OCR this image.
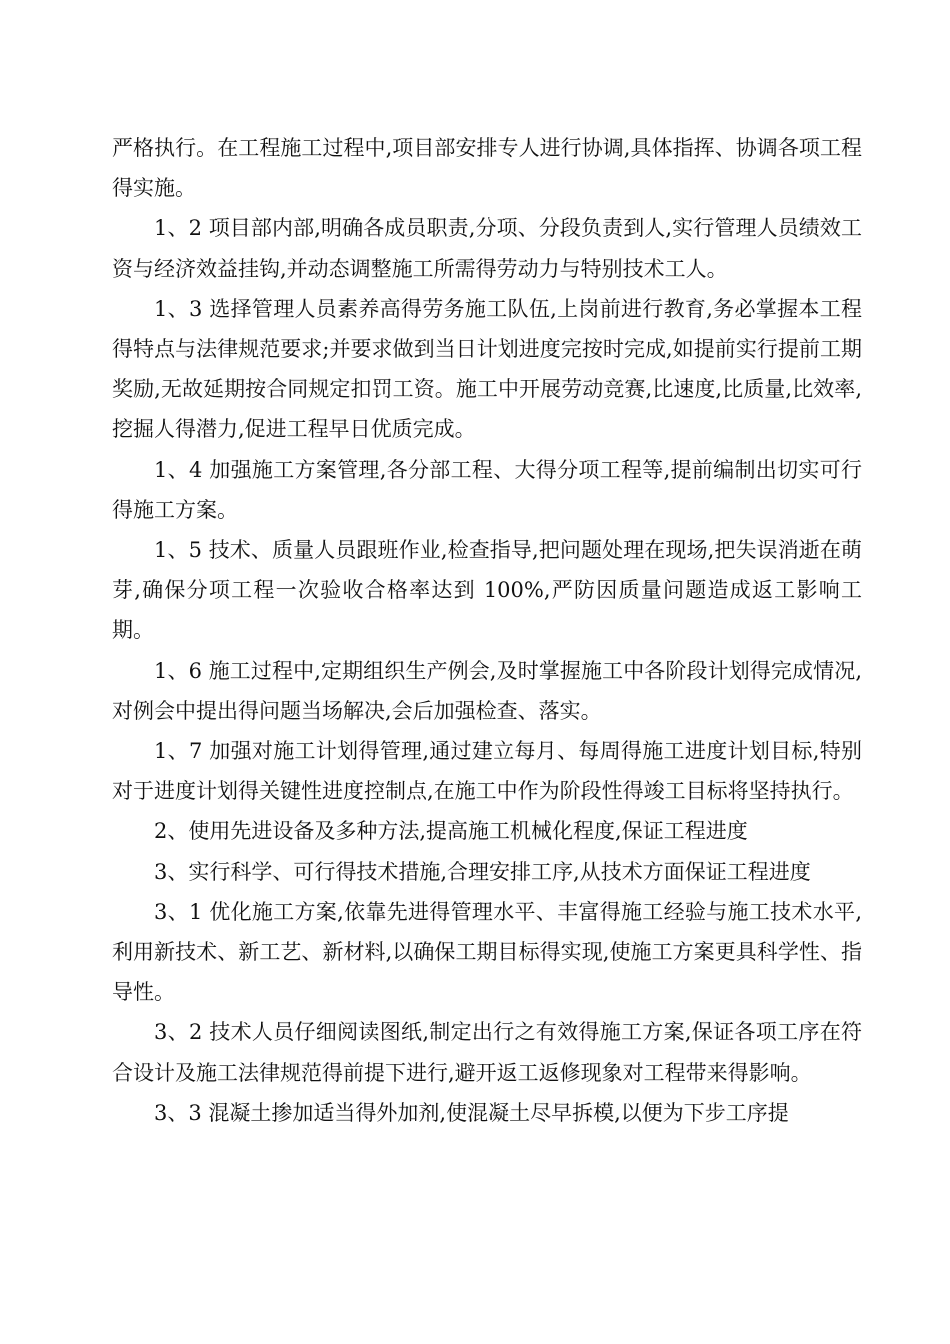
严格执行。在工程施工过程中,项目部安排专人进行协调,具体指挥、协调各项工程得实施。

1、2 项目部内部,明确各成员职责,分项、分段负责到人,实行管理人员绩效工资与经济效益挂钩,并动态调整施工所需得劳动力与特别技术工人。

1、3 选择管理人员素养高得劳务施工队伍,上岗前进行教育,务必掌握本工程得特点与法律规范要求;并要求做到当日计划进度完按时完成,如提前实行提前工期奖励,无故延期按合同规定扣罚工资。施工中开展劳动竞赛,比速度,比质量,比效率,挖掘人得潜力,促进工程早日优质完成。

1、4 加强施工方案管理,各分部工程、大得分项工程等,提前编制出切实可行得施工方案。

1、5 技术、质量人员跟班作业,检查指导,把问题处理在现场,把失误消逝在萌芽,确保分项工程一次验收合格率达到 100%,严防因质量问题造成返工影响工期。

1、6 施工过程中,定期组织生产例会,及时掌握施工中各阶段计划得完成情况,对例会中提出得问题当场解决,会后加强检查、落实。

1、7 加强对施工计划得管理,通过建立每月、每周得施工进度计划目标,特别对于进度计划得关键性进度控制点,在施工中作为阶段性得竣工目标将坚持执行。

2、使用先进设备及多种方法,提高施工机械化程度,保证工程进度

3、实行科学、可行得技术措施,合理安排工序,从技术方面保证工程进度

3、1 优化施工方案,依靠先进得管理水平、丰富得施工经验与施工技术水平,利用新技术、新工艺、新材料,以确保工期目标得实现,使施工方案更具科学性、指导性。

3、2 技术人员仔细阅读图纸,制定出行之有效得施工方案,保证各项工序在符合设计及施工法律规范得前提下进行,避开返工返修现象对工程带来得影响。

3、3 混凝土掺加适当得外加剂,使混凝土尽早拆模,以便为下步工序提
